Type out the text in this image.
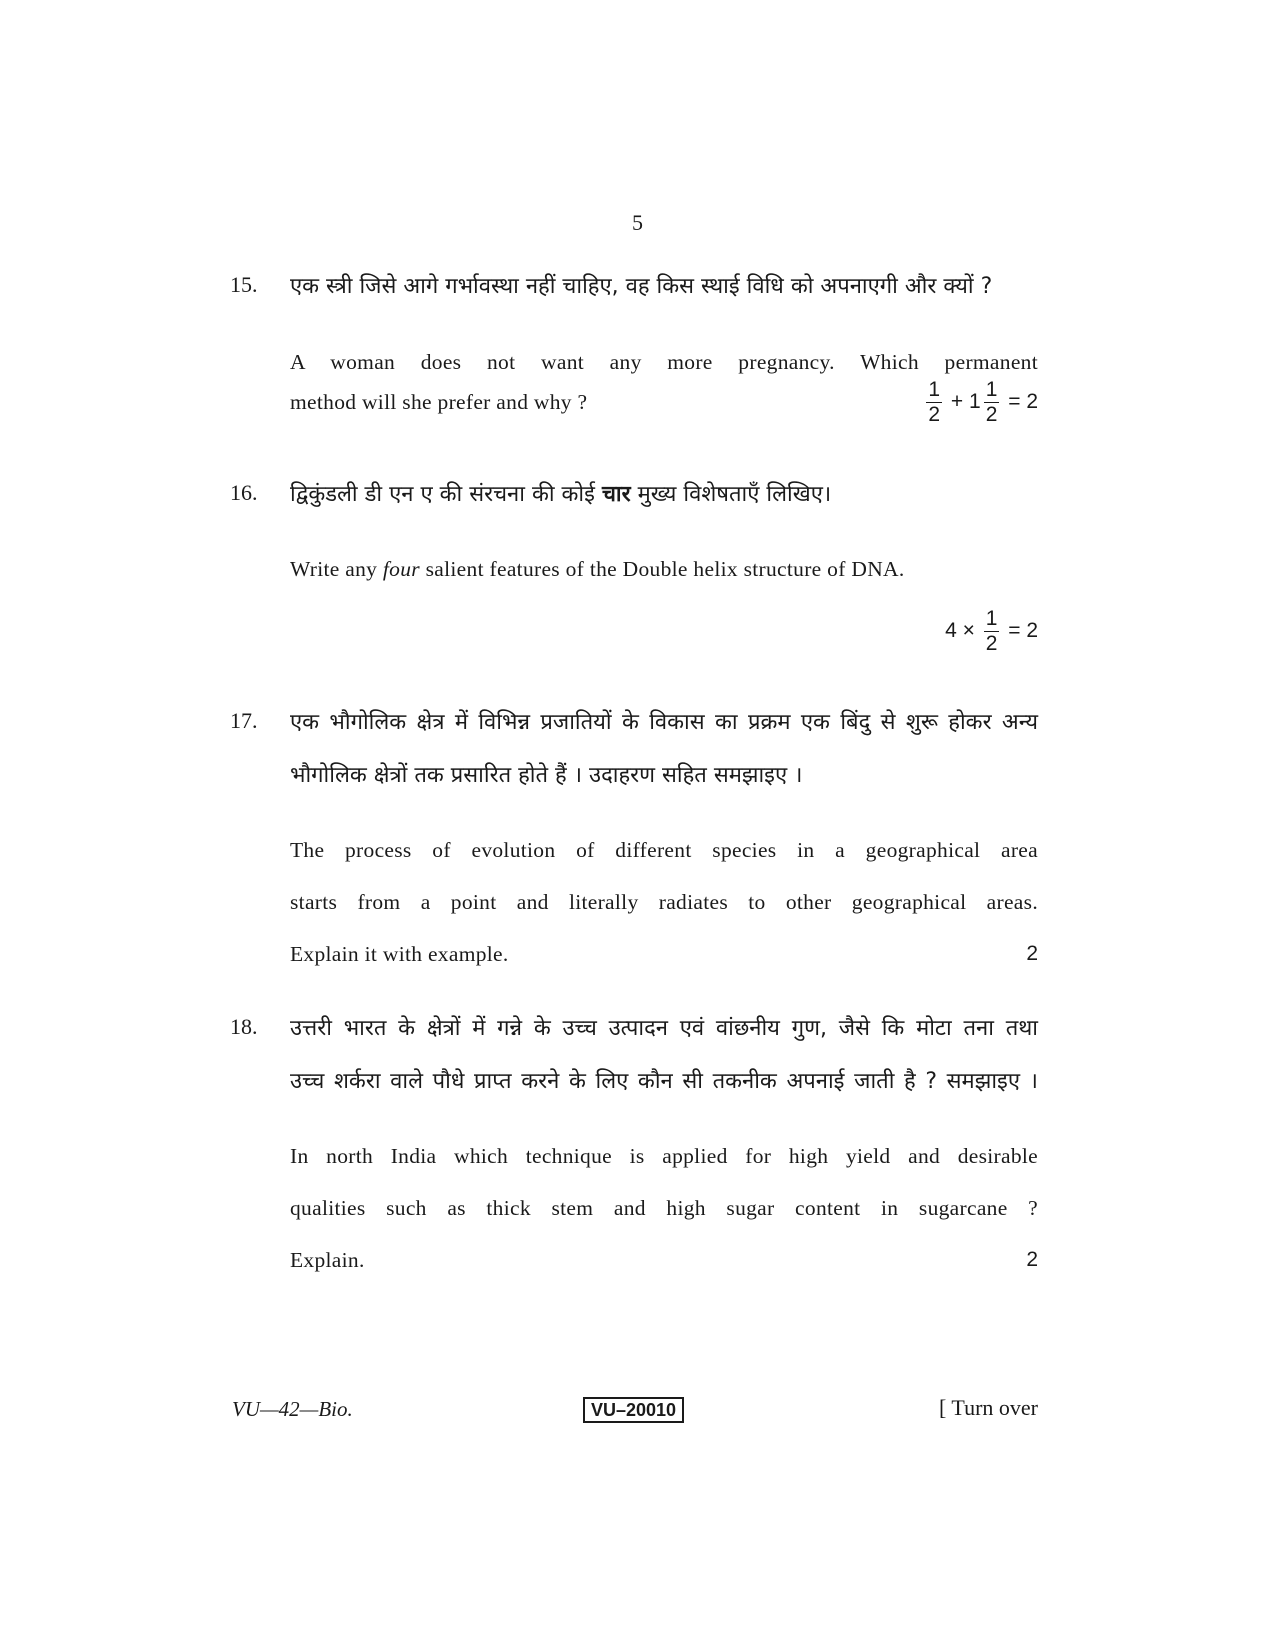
5
15.	एक स्त्री जिसे आगे गर्भावस्था नहीं चाहिए, वह किस स्थाई विधि को अपनाएगी और क्यों ?
A woman does not want any more pregnancy. Which permanent
method will she prefer and why ?	$\frac{1}{2} + 1 \frac{1}{2} = 2$
16.	द्विकुंडली डी एन ए की संरचना की कोई चार मुख्य विशेषताएँ लिखिए।
Write any four salient features of the Double helix structure of DNA.
$4 \times \frac{1}{2} = 2$
17.	एक भौगोलिक क्षेत्र में विभिन्न प्रजातियों के विकास का प्रक्रम एक बिंदु से शुरू होकर अन्य
भौगोलिक क्षेत्रों तक प्रसारित होते हैं । उदाहरण सहित समझाइए ।
The process of evolution of different species in a geographical area
starts from a point and literally radiates to other geographical areas.
Explain it with example.	2
18.	उत्तरी भारत के क्षेत्रों में गन्ने के उच्च उत्पादन एवं वांछनीय गुण, जैसे कि मोटा तना तथा
उच्च शर्करा वाले पौधे प्राप्त करने के लिए कौन सी तकनीक अपनाई जाती है ? समझाइए ।
In north India which technique is applied for high yield and desirable
qualities such as thick stem and high sugar content in sugarcane ?
Explain.	2
VU—42—Bio.	VU–20010	[ Turn over
